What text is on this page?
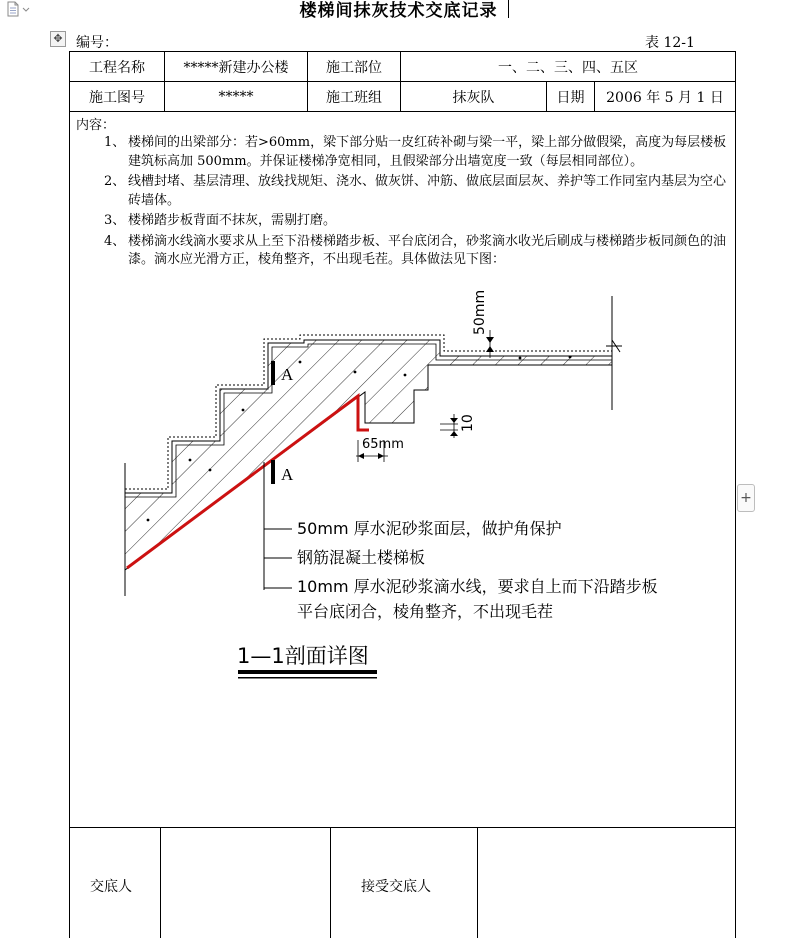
楼梯间抹灰技术交底记录
✥ 编号：	表 12-1
工程名称	*****新建办公楼	施工部位	一、二、三、四、五区		
施工图号	*****	施工班组	抹灰队	日期	2006 年 5 月 1 日
内容：
1、 楼梯间的出梁部分：若>60mm，梁下部分贴一皮红砖补砌与梁一平，梁上部分做假梁，高度为每层楼板建筑标高加 500mm。并保证楼梯净宽相同，且假梁部分出墙宽度一致（每层相同部位）。
2、 线槽封堵、基层清理、放线找规矩、浇水、做灰饼、冲筋、做底层面层灰、养护等工作同室内基层为空心砖墙体。
3、 楼梯踏步板背面不抹灰，需剔打磨。
4、 楼梯滴水线滴水要求从上至下沿楼梯踏步板、平台底闭合，砂浆滴水收光后刷成与楼梯踏步板同颜色的油漆。滴水应光滑方正，棱角整齐，不出现毛茬。具体做法见下图：
A
A
50mm
10
65mm
50mm 厚水泥砂浆面层，做护角保护
钢筋混凝土楼梯板
10mm 厚水泥砂浆滴水线，要求自上而下沿踏步板
平台底闭合，棱角整齐，不出现毛茬
1—1剖面详图
+
交底人	接受交底人
